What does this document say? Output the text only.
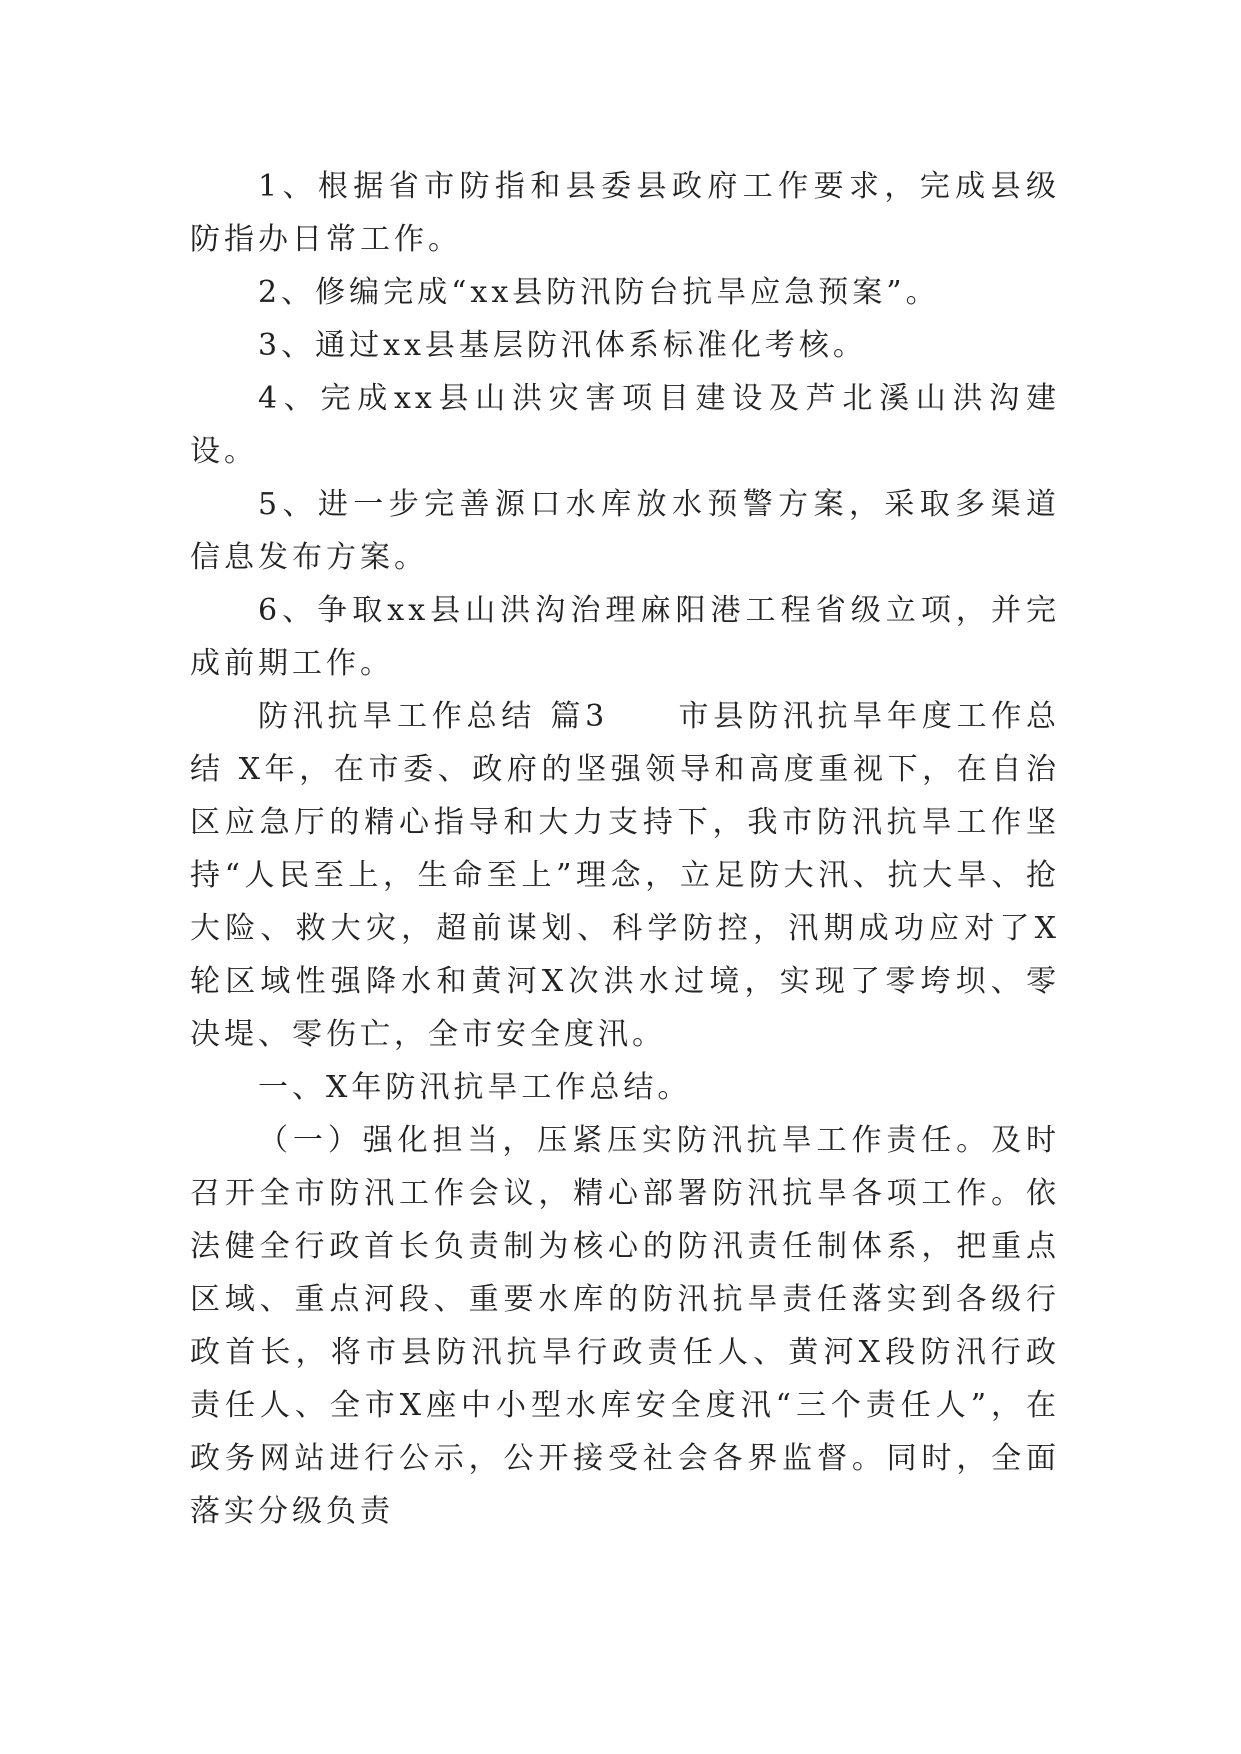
1、根据省市防指和县委县政府工作要求，完成县级防指办日常工作。

2、修编完成“xx县防汛防台抗旱应急预案”。

3、通过xx县基层防汛体系标准化考核。

4、完成xx县山洪灾害项目建设及芦北溪山洪沟建设。

5、进一步完善源口水库放水预警方案，采取多渠道信息发布方案。

6、争取xx县山洪沟治理麻阳港工程省级立项，并完成前期工作。

防汛抗旱工作总结 篇3　　市县防汛抗旱年度工作总结 X年，在市委、政府的坚强领导和高度重视下，在自治区应急厅的精心指导和大力支持下，我市防汛抗旱工作坚持“人民至上，生命至上”理念，立足防大汛、抗大旱、抢大险、救大灾，超前谋划、科学防控，汛期成功应对了X轮区域性强降水和黄河X次洪水过境，实现了零垮坝、零决堤、零伤亡，全市安全度汛。

一、X年防汛抗旱工作总结。

（一）强化担当，压紧压实防汛抗旱工作责任。及时召开全市防汛工作会议，精心部署防汛抗旱各项工作。依法健全行政首长负责制为核心的防汛责任制体系，把重点区域、重点河段、重要水库的防汛抗旱责任落实到各级行政首长，将市县防汛抗旱行政责任人、黄河X段防汛行政责任人、全市X座中小型水库安全度汛“三个责任人”，在政务网站进行公示，公开接受社会各界监督。同时，全面落实分级负责
